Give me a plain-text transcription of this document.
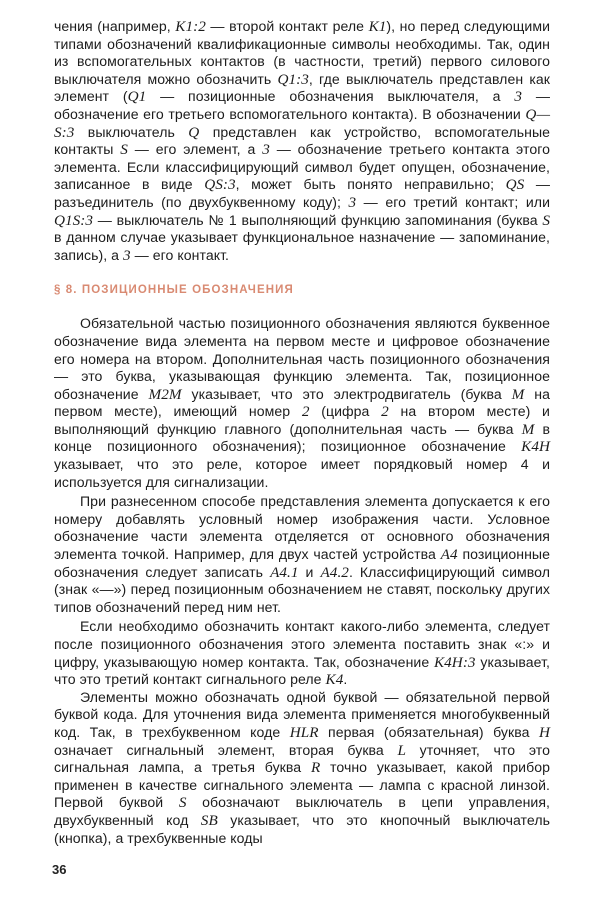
чения (например, K1:2 — второй контакт реле K1), но перед следующими типами обозначений квалификационные символы необходимы. Так, один из вспомогательных контактов (в частности, третий) первого силового выключателя можно обозначить Q1:3, где выключатель представлен как элемент (Q1 — позиционные обозначения выключателя, а 3 — обозначение его третьего вспомогательного контакта). В обозначении Q—S:3 выключатель Q представлен как устройство, вспомогательные контакты S — его элемент, а 3 — обозначение третьего контакта этого элемента. Если классифицирующий символ будет опущен, обозначение, записанное в виде QS:3, может быть понято неправильно; QS — разъединитель (по двухбуквенному коду); 3 — его третий контакт; или Q1S:3 — выключатель № 1 выполняющий функцию запоминания (буква S в данном случае указывает функциональное назначение — запоминание, запись), а 3 — его контакт.

§ 8. ПОЗИЦИОННЫЕ ОБОЗНАЧЕНИЯ

Обязательной частью позиционного обозначения являются буквенное обозначение вида элемента на первом месте и цифровое обозначение его номера на втором. Дополнительная часть позиционного обозначения — это буква, указывающая функцию элемента. Так, позиционное обозначение M2M указывает, что это электродвигатель (буква M на первом месте), имеющий номер 2 (цифра 2 на втором месте) и выполняющий функцию главного (дополнительная часть — буква M в конце позиционного обозначения); позиционное обозначение K4H указывает, что это реле, которое имеет порядковый номер 4 и используется для сигнализации.

При разнесенном способе представления элемента допускается к его номеру добавлять условный номер изображения части. Условное обозначение части элемента отделяется от основного обозначения элемента точкой. Например, для двух частей устройства A4 позиционные обозначения следует записать A4.1 и A4.2. Классифицирующий символ (знак «—») перед позиционным обозначением не ставят, поскольку других типов обозначений перед ним нет.

Если необходимо обозначить контакт какого-либо элемента, следует после позиционного обозначения этого элемента поставить знак «:» и цифру, указывающую номер контакта. Так, обозначение K4H:3 указывает, что это третий контакт сигнального реле K4.

Элементы можно обозначать одной буквой — обязательной первой буквой кода. Для уточнения вида элемента применяется многобуквенный код. Так, в трехбуквенном коде HLR первая (обязательная) буква H означает сигнальный элемент, вторая буква L уточняет, что это сигнальная лампа, а третья буква R точно указывает, какой прибор применен в качестве сигнального элемента — лампа с красной линзой. Первой буквой S обозначают выключатель в цепи управления, двухбуквенный код SB указывает, что это кнопочный выключатель (кнопка), а трехбуквенные коды

36
